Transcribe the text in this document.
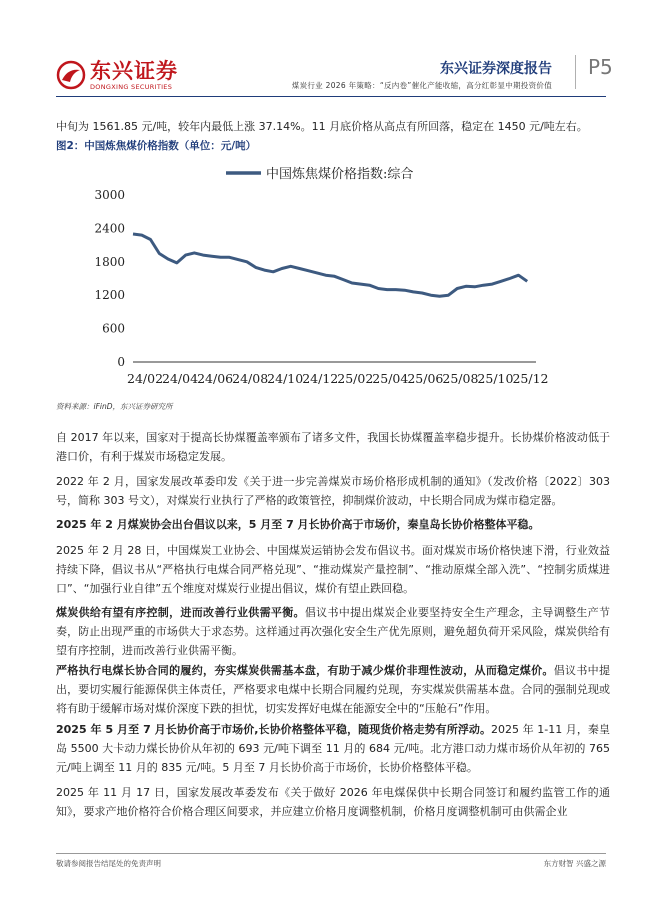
东兴证券
DONGXING SECURITIES
东兴证券深度报告 P5
煤炭行业 2026 年策略：“反内卷”催化产能收缩，高分红彰显中期投资价值
中旬为 1561.85 元/吨，较年内最低上涨 37.14%。11 月底价格从高点有所回落，稳定在 1450 元/吨左右。
图2：中国炼焦煤价格指数（单位：元/吨）
中国炼焦煤价格指数:综合
0
600
1200
1800
2400
3000
24/02 24/04 24/06 24/08 24/10 24/12 25/02 25/04 25/06 25/08 25/10 25/12
资料来源：iFinD，东兴证券研究所
自 2017 年以来，国家对于提高长协煤覆盖率颁布了诸多文件，我国长协煤覆盖率稳步提升。长协煤价格波动低于港口价，有利于煤炭市场稳定发展。
2022 年 2 月，国家发展改革委印发《关于进一步完善煤炭市场价格形成机制的通知》（发改价格〔2022〕303 号，简称 303 号文），对煤炭行业执行了严格的政策管控，抑制煤价波动，中长期合同成为煤市稳定器。
2025 年 2 月煤炭协会出台倡议以来，5 月至 7 月长协价高于市场价，秦皇岛长协价格整体平稳。
2025 年 2 月 28 日，中国煤炭工业协会、中国煤炭运销协会发布倡议书。面对煤炭市场价格快速下滑，行业效益持续下降，倡议书从“严格执行电煤合同严格兑现”、“推动煤炭产量控制”、“推动原煤全部入洗”、“控制劣质煤进口”、“加强行业自律”五个维度对煤炭行业提出倡议，煤价有望止跌回稳。
煤炭供给有望有序控制，进而改善行业供需平衡。倡议书中提出煤炭企业要坚持安全生产理念，主导调整生产节奏，防止出现严重的市场供大于求态势。这样通过再次强化安全生产优先原则，避免超负荷开采风险，煤炭供给有望有序控制，进而改善行业供需平衡。
严格执行电煤长协合同的履约，夯实煤炭供需基本盘，有助于减少煤价非理性波动，从而稳定煤价。倡议书中提出，要切实履行能源保供主体责任，严格要求电煤中长期合同履约兑现，夯实煤炭供需基本盘。合同的强制兑现或将有助于缓解市场对煤价深度下跌的担忧，切实发挥好电煤在能源安全中的“压舱石”作用。
2025 年 5 月至 7 月长协价高于市场价,长协价格整体平稳，随现货价格走势有所浮动。2025 年 1-11 月，秦皇岛 5500 大卡动力煤长协价从年初的 693 元/吨下调至 11 月的 684 元/吨。北方港口动力煤市场价从年初的 765 元/吨上调至 11 月的 835 元/吨。5 月至 7 月长协价高于市场价，长协价格整体平稳。
2025 年 11 月 17 日，国家发展改革委发布《关于做好 2026 年电煤保供中长期合同签订和履约监管工作的通知》，要求产地价格符合价格合理区间要求，并应建立价格月度调整机制，价格月度调整机制可由供需企业
敬请参阅报告结尾处的免责声明	东方财智 兴盛之源
